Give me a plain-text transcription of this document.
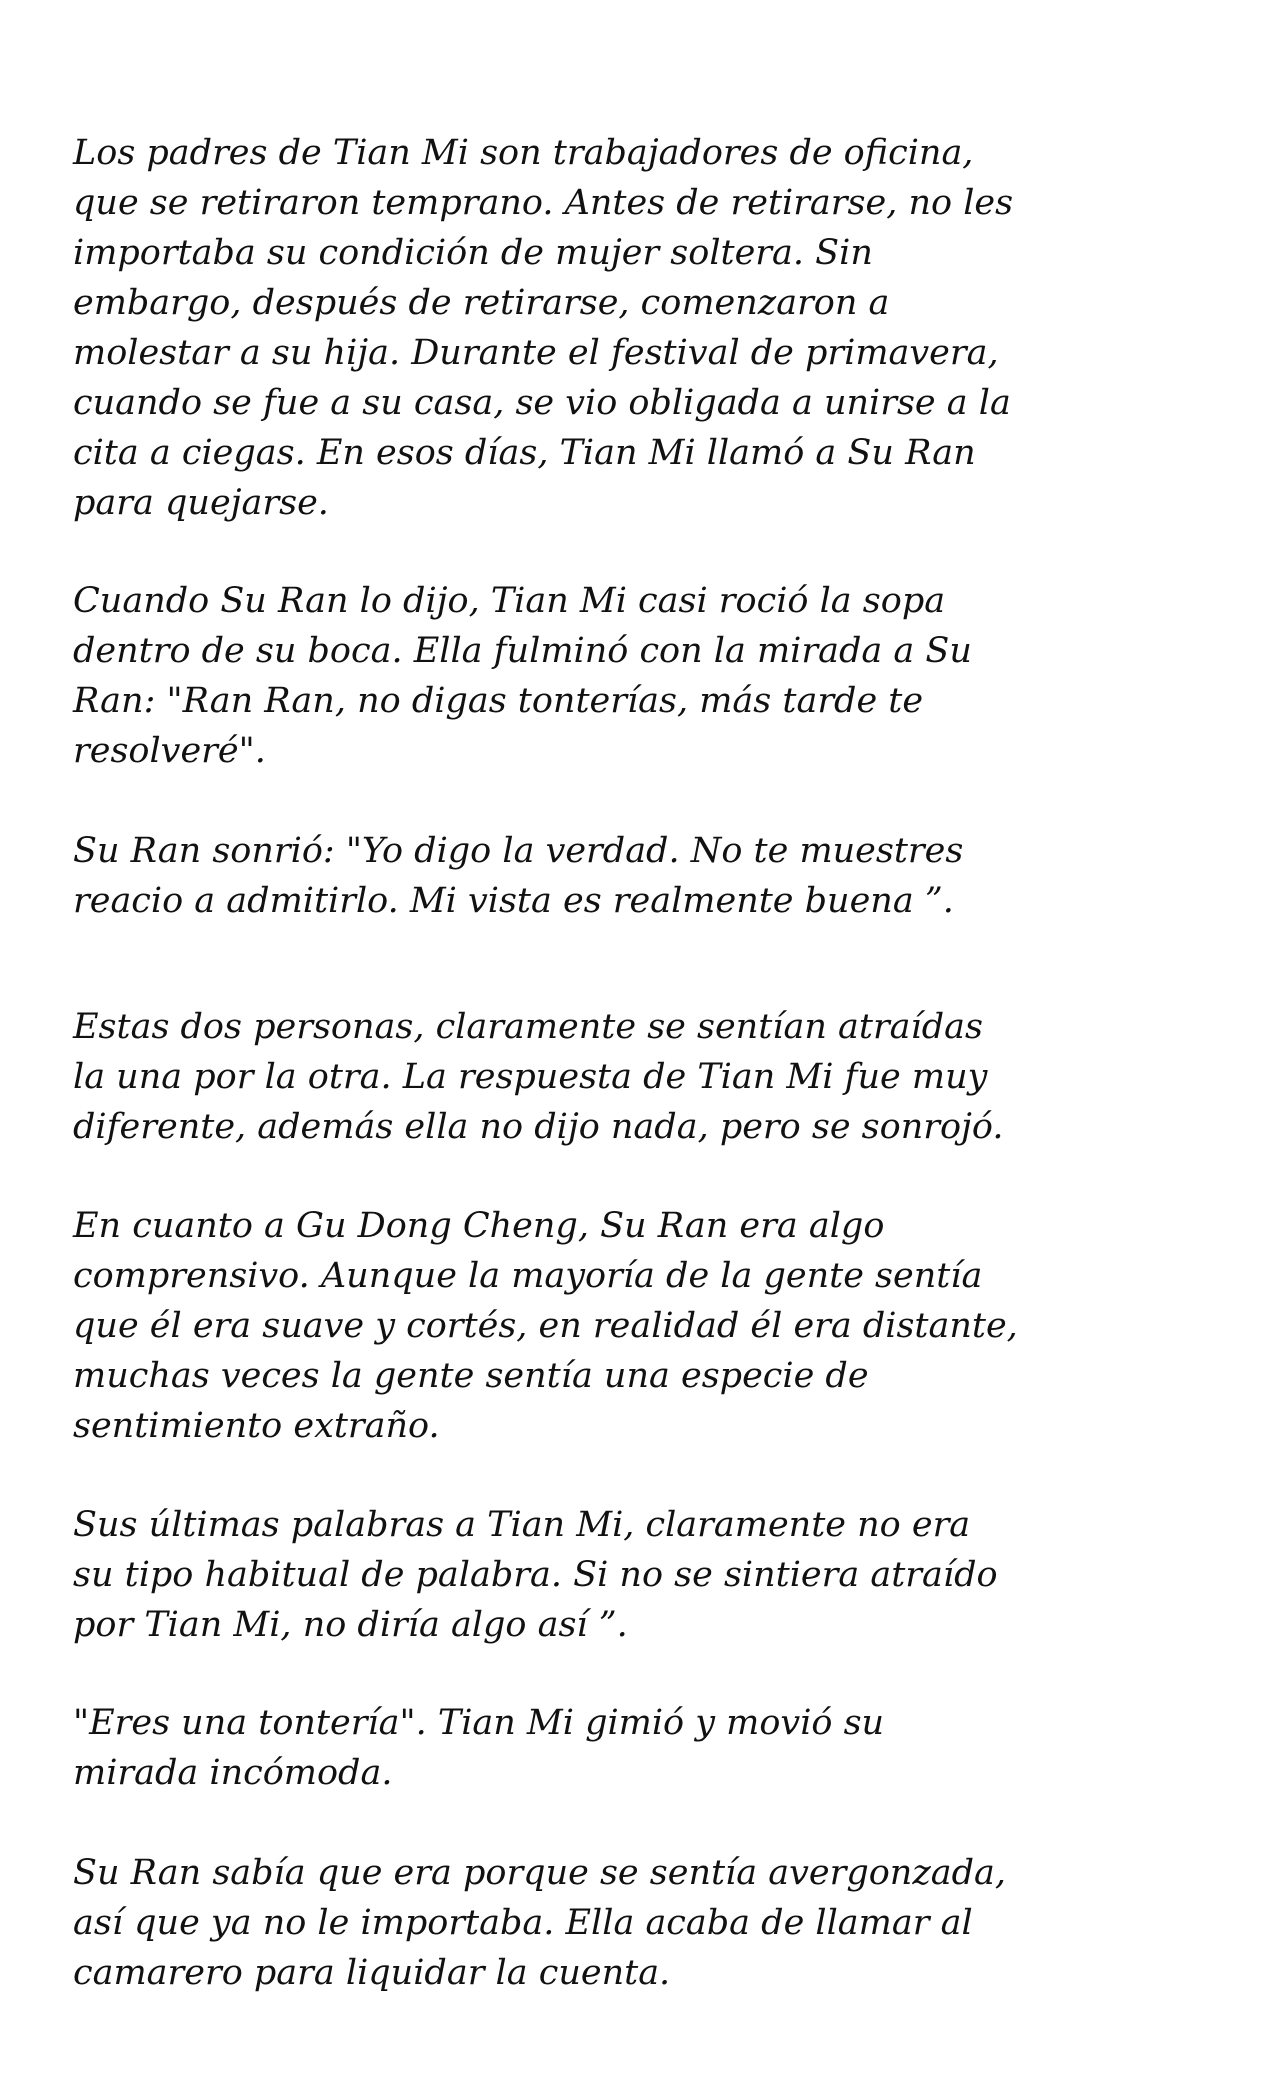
Los padres de Tian Mi son trabajadores de oficina,
que se retiraron temprano. Antes de retirarse, no les
importaba su condición de mujer soltera. Sin
embargo, después de retirarse, comenzaron a
molestar a su hija. Durante el festival de primavera,
cuando se fue a su casa, se vio obligada a unirse a la
cita a ciegas. En esos días, Tian Mi llamó a Su Ran
para quejarse.

Cuando Su Ran lo dijo, Tian Mi casi roció la sopa
dentro de su boca. Ella fulminó con la mirada a Su
Ran: "Ran Ran, no digas tonterías, más tarde te
resolveré".

Su Ran sonrió: "Yo digo la verdad. No te muestres
reacio a admitirlo. Mi vista es realmente buena ”.

Estas dos personas, claramente se sentían atraídas
la una por la otra. La respuesta de Tian Mi fue muy
diferente, además ella no dijo nada, pero se sonrojó.

En cuanto a Gu Dong Cheng, Su Ran era algo
comprensivo. Aunque la mayoría de la gente sentía
que él era suave y cortés, en realidad él era distante,
muchas veces la gente sentía una especie de
sentimiento extraño.

Sus últimas palabras a Tian Mi, claramente no era
su tipo habitual de palabra. Si no se sintiera atraído
por Tian Mi, no diría algo así ”.

"Eres una tontería". Tian Mi gimió y movió su
mirada incómoda.

Su Ran sabía que era porque se sentía avergonzada,
así que ya no le importaba. Ella acaba de llamar al
camarero para liquidar la cuenta.
